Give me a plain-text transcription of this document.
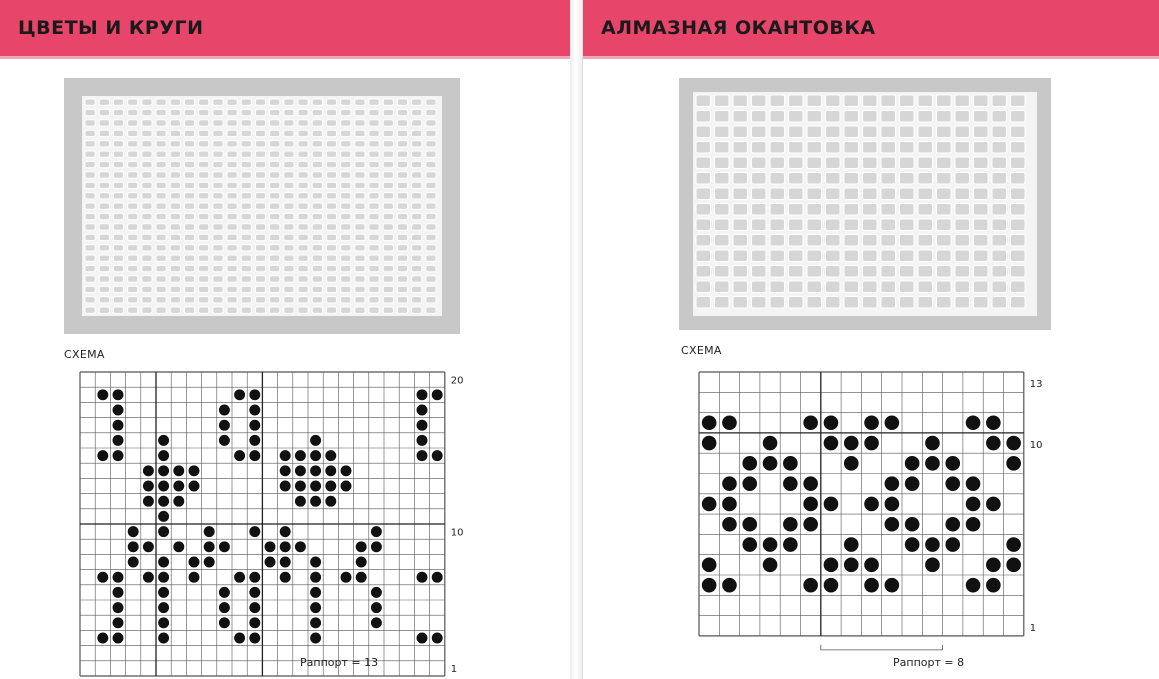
ЦВЕТЫ И КРУГИ
СХЕМА
20
10
1
Раппорт = 13
АЛМАЗНАЯ ОКАНТОВКА
СХЕМА
13
10
1
Раппорт = 8
